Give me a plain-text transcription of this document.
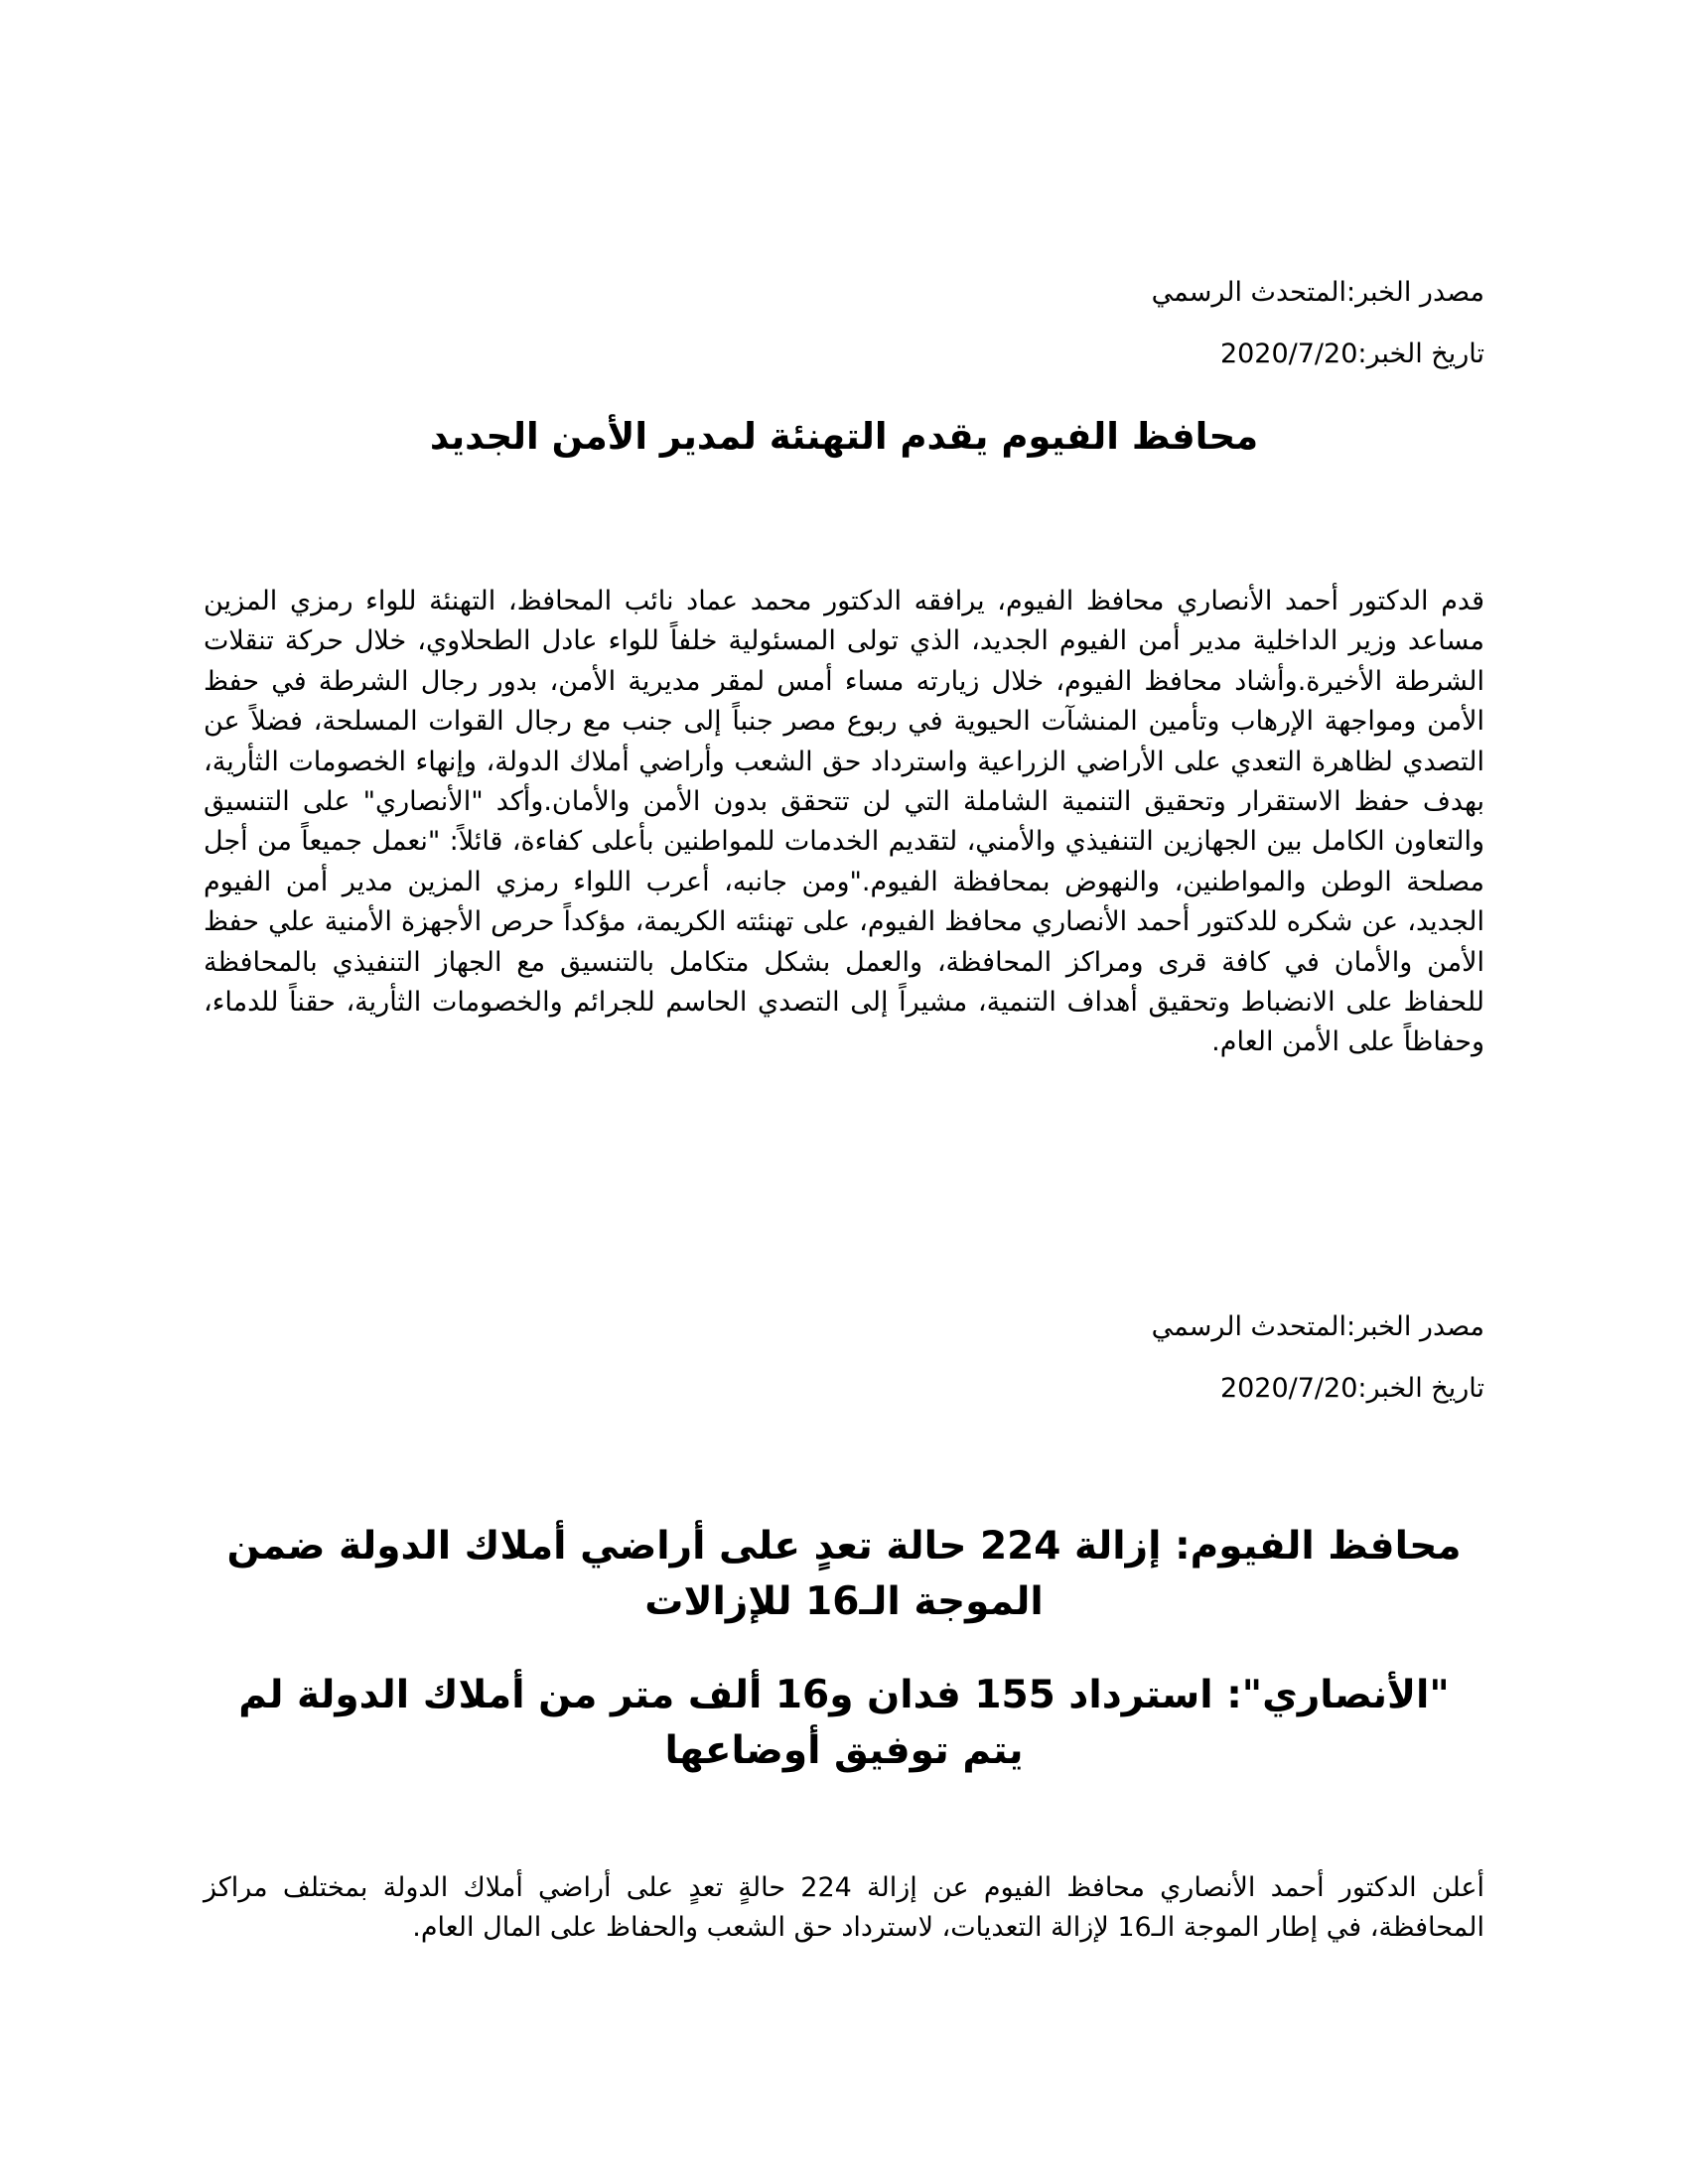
مصدر الخبر:المتحدث الرسمي

تاريخ الخبر:2020/7/20

محافظ الفيوم يقدم التهنئة لمدير الأمن الجديد

قدم الدكتور أحمد الأنصاري محافظ الفيوم، يرافقه الدكتور محمد عماد نائب المحافظ، التهنئة للواء رمزي المزين مساعد وزير الداخلية مدير أمن الفيوم الجديد، الذي تولى المسئولية خلفاً للواء عادل الطحلاوي، خلال حركة تنقلات الشرطة الأخيرة.وأشاد محافظ الفيوم، خلال زيارته مساء أمس لمقر مديرية الأمن، بدور رجال الشرطة في حفظ الأمن ومواجهة الإرهاب وتأمين المنشآت الحيوية في ربوع مصر جنباً إلى جنب مع رجال القوات المسلحة، فضلاً عن التصدي لظاهرة التعدي على الأراضي الزراعية واسترداد حق الشعب وأراضي أملاك الدولة، وإنهاء الخصومات الثأرية، بهدف حفظ الاستقرار وتحقيق التنمية الشاملة التي لن تتحقق بدون الأمن والأمان.وأكد "الأنصاري" على التنسيق والتعاون الكامل بين الجهازين التنفيذي والأمني، لتقديم الخدمات للمواطنين بأعلى كفاءة، قائلاً: "نعمل جميعاً من أجل مصلحة الوطن والمواطنين، والنهوض بمحافظة الفيوم."ومن جانبه، أعرب اللواء رمزي المزين مدير أمن الفيوم الجديد، عن شكره للدكتور أحمد الأنصاري محافظ الفيوم، على تهنئته الكريمة، مؤكداً حرص الأجهزة الأمنية علي حفظ الأمن والأمان في كافة قرى ومراكز المحافظة، والعمل بشكل متكامل بالتنسيق مع الجهاز التنفيذي بالمحافظة للحفاظ على الانضباط وتحقيق أهداف التنمية، مشيراً إلى التصدي الحاسم للجرائم والخصومات الثأرية، حقناً للدماء، وحفاظاً على الأمن العام.

مصدر الخبر:المتحدث الرسمي

تاريخ الخبر:2020/7/20

محافظ الفيوم: إزالة 224 حالة تعدٍ على أراضي أملاك الدولة ضمن الموجة الـ16 للإزالات
"الأنصاري": استرداد 155 فدان و16 ألف متر من أملاك الدولة لم يتم توفيق أوضاعها

أعلن الدكتور أحمد الأنصاري محافظ الفيوم عن إزالة 224 حالةٍ تعدٍ على أراضي أملاك الدولة بمختلف مراكز المحافظة، في إطار الموجة الـ16 لإزالة التعديات، لاسترداد حق الشعب والحفاظ على المال العام.
